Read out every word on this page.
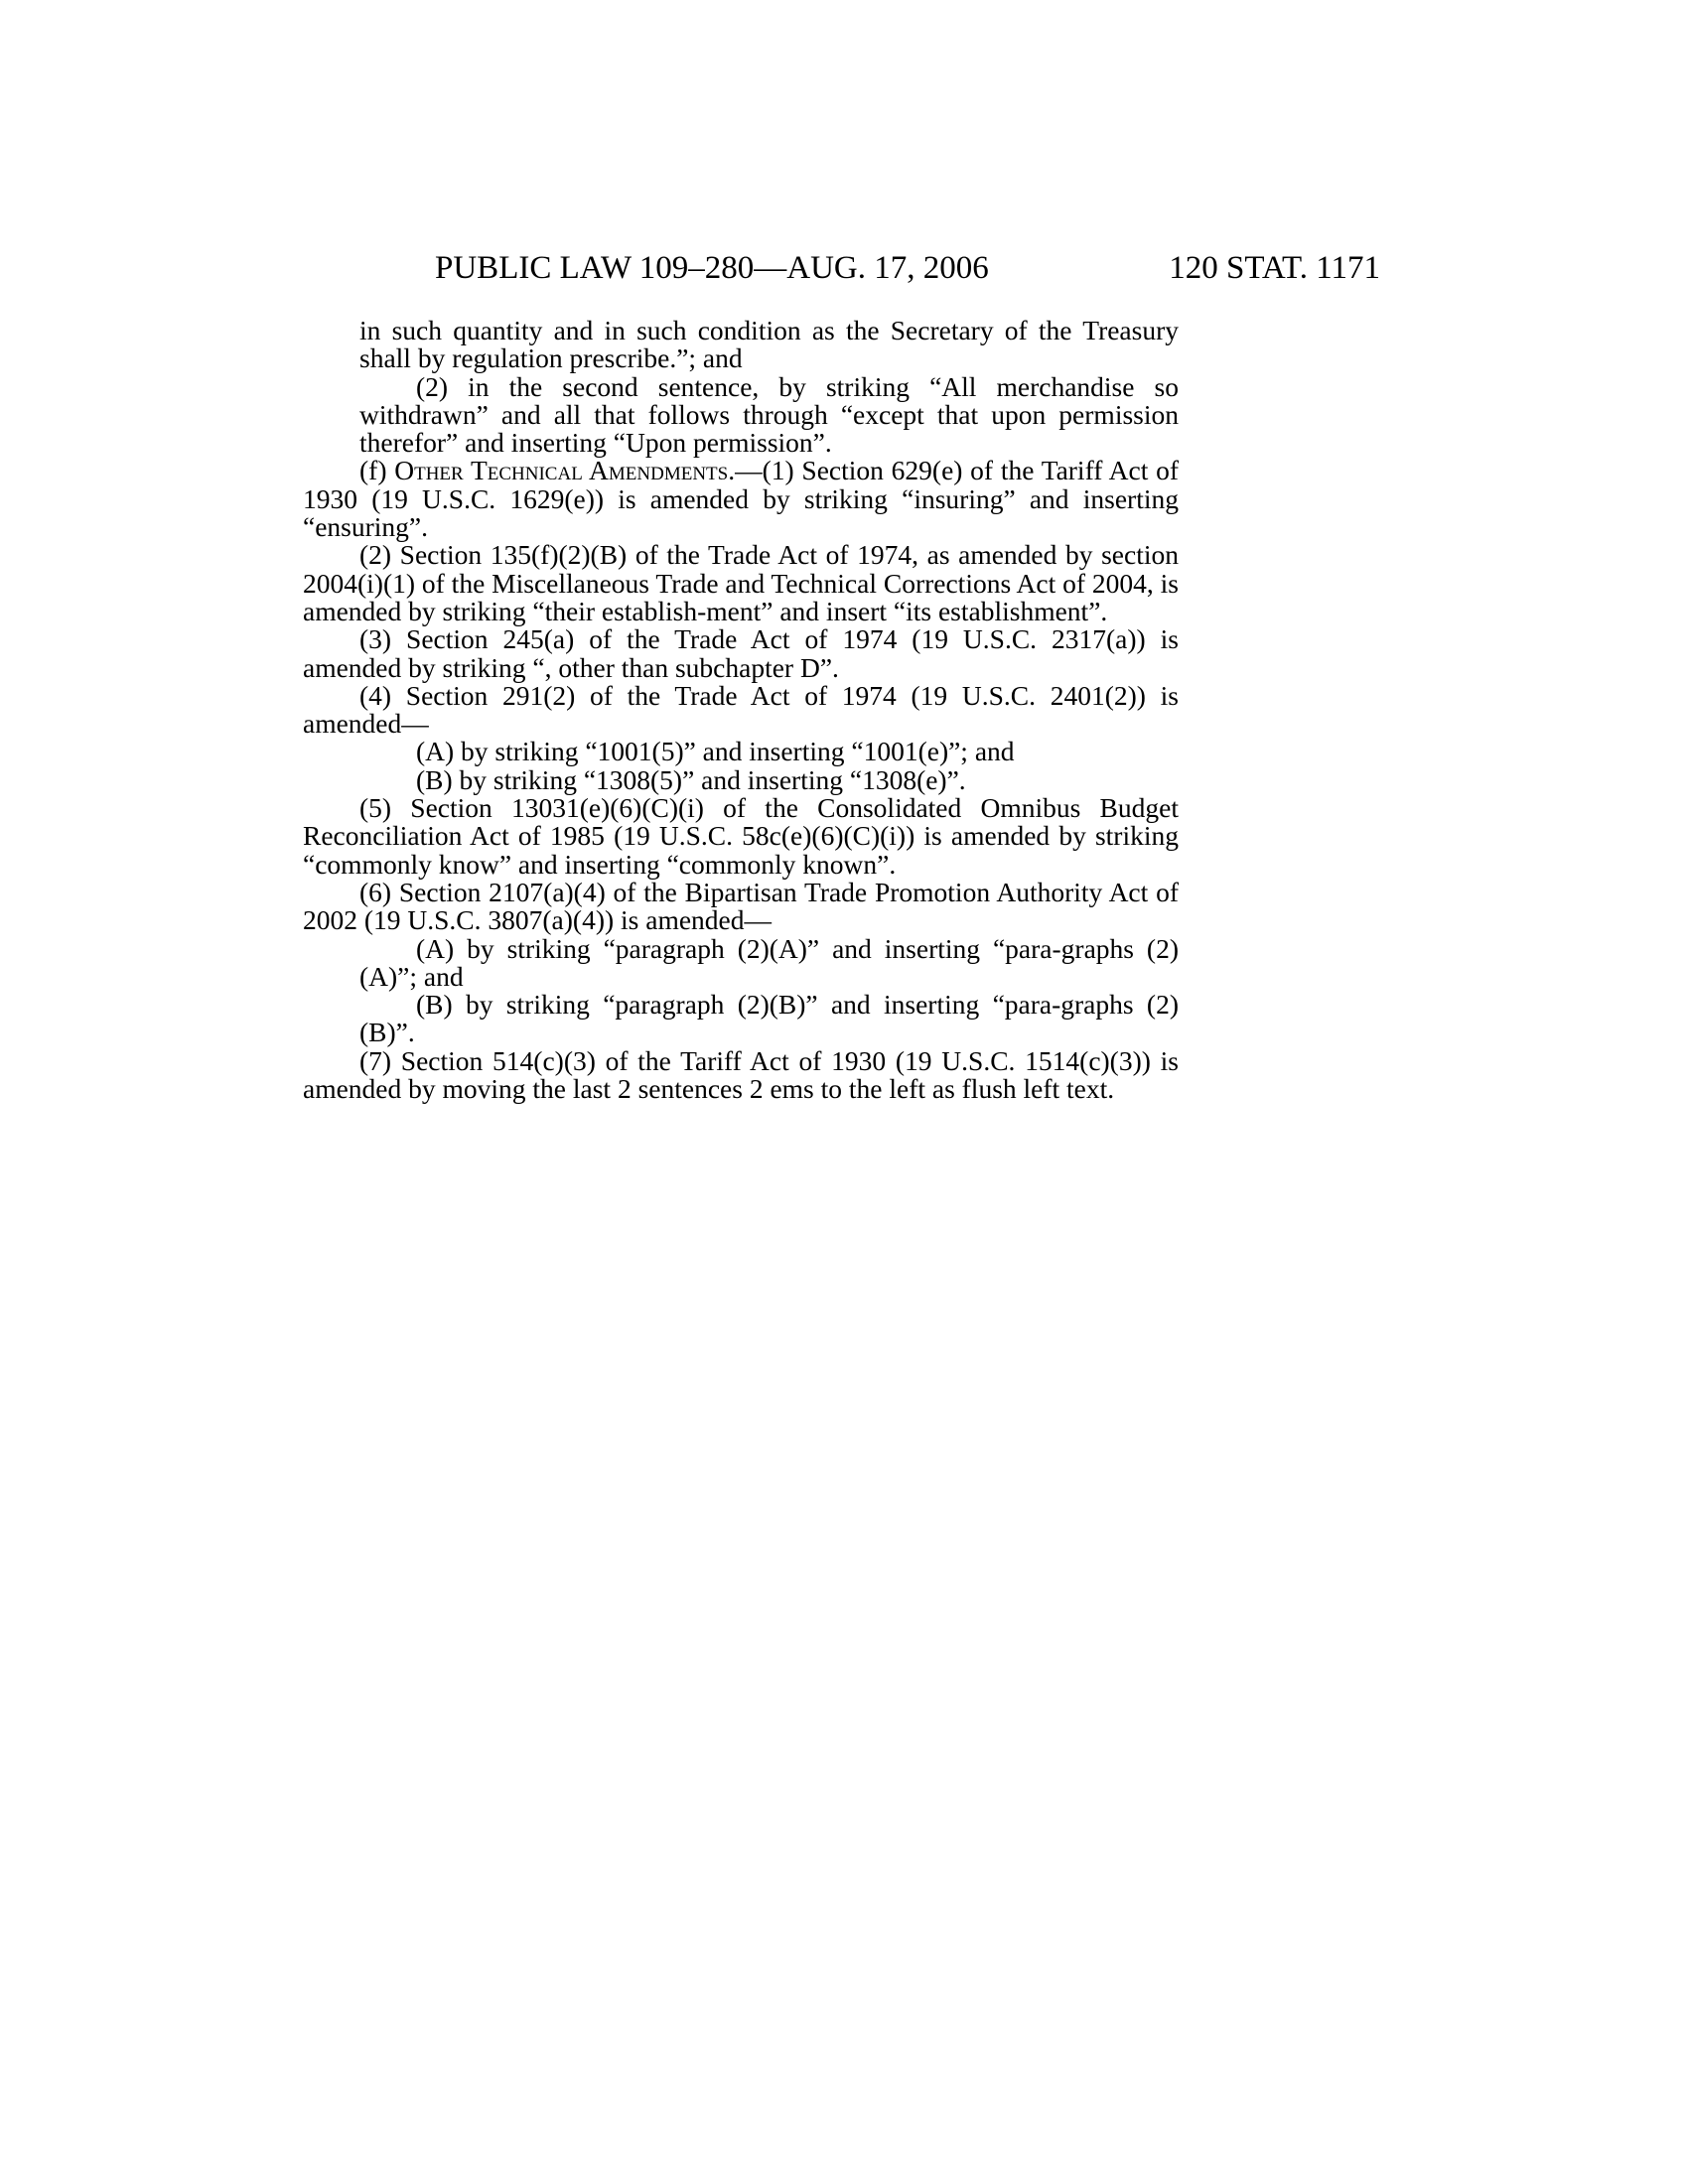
PUBLIC LAW 109–280—AUG. 17, 2006	120 STAT. 1171

in such quantity and in such condition as the Secretary of the Treasury shall by regulation prescribe.”; and

(2) in the second sentence, by striking “All merchandise so withdrawn” and all that follows through “except that upon permission therefor” and inserting “Upon permission”.

(f) Other Technical Amendments.—(1) Section 629(e) of the Tariff Act of 1930 (19 U.S.C. 1629(e)) is amended by striking “insuring” and inserting “ensuring”.

(2) Section 135(f)(2)(B) of the Trade Act of 1974, as amended by section 2004(i)(1) of the Miscellaneous Trade and Technical Corrections Act of 2004, is amended by striking “their establish-ment” and insert “its establishment”.

(3) Section 245(a) of the Trade Act of 1974 (19 U.S.C. 2317(a)) is amended by striking “, other than subchapter D”.

(4) Section 291(2) of the Trade Act of 1974 (19 U.S.C. 2401(2)) is amended—

(A) by striking “1001(5)” and inserting “1001(e)”; and

(B) by striking “1308(5)” and inserting “1308(e)”.

(5) Section 13031(e)(6)(C)(i) of the Consolidated Omnibus Budget Reconciliation Act of 1985 (19 U.S.C. 58c(e)(6)(C)(i)) is amended by striking “commonly know” and inserting “commonly known”.

(6) Section 2107(a)(4) of the Bipartisan Trade Promotion Authority Act of 2002 (19 U.S.C. 3807(a)(4)) is amended—

(A) by striking “paragraph (2)(A)” and inserting “para-graphs (2)(A)”; and

(B) by striking “paragraph (2)(B)” and inserting “para-graphs (2)(B)”.

(7) Section 514(c)(3) of the Tariff Act of 1930 (19 U.S.C. 1514(c)(3)) is amended by moving the last 2 sentences 2 ems to the left as flush left text.
